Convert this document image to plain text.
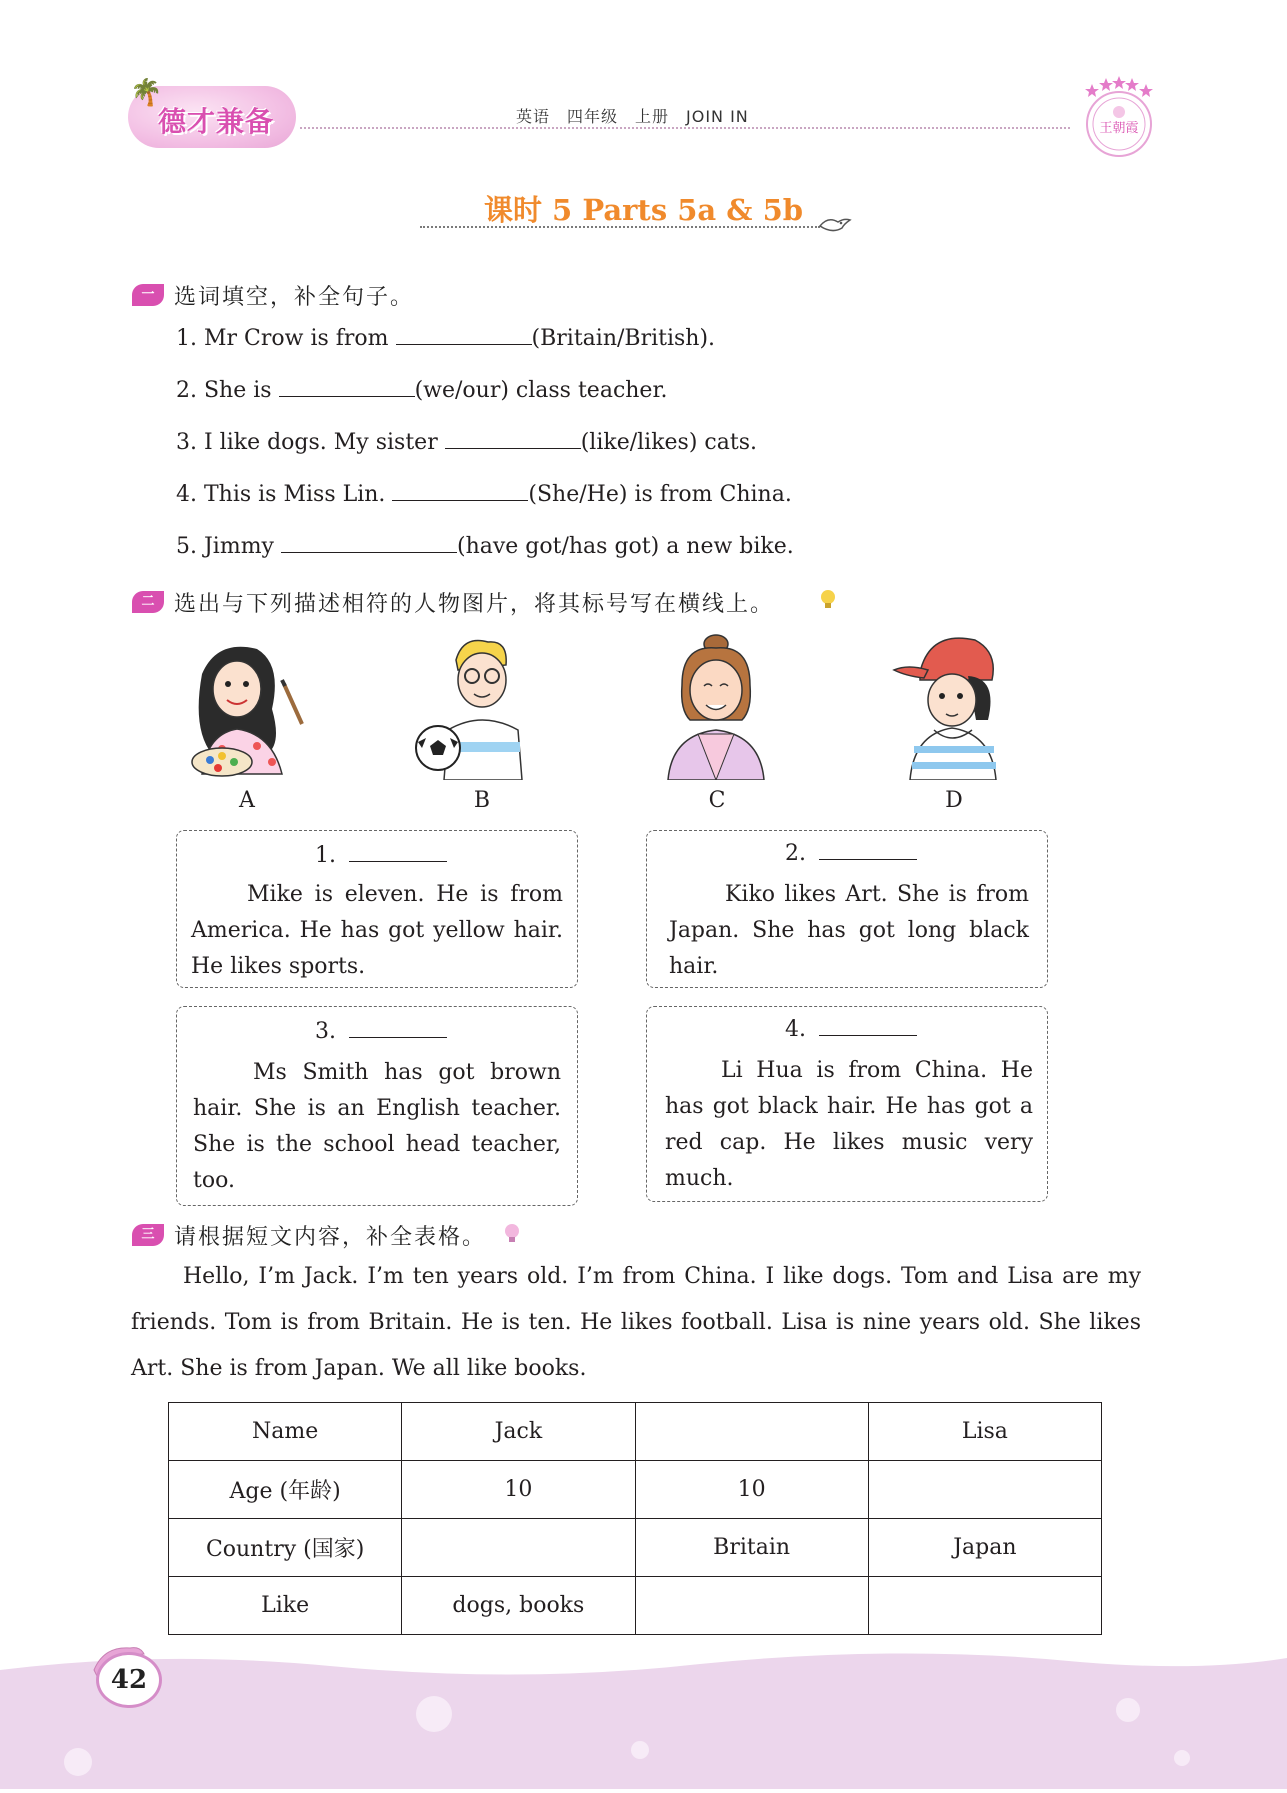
🌴
德才兼备	英语　四年级　上册　JOIN IN
王朝霞
课时 5 Parts 5a & 5b
一 选词填空，补全句子。
1. Mr Crow is from	(Britain/British).
2. She is	(we/our) class teacher.
3. I like dogs. My sister	(like/likes) cats.
4. This is Miss Lin.	(She/He) is from China.
5. Jimmy	(have got/has got) a new bike.
二 选出与下列描述相符的人物图片，将其标号写在横线上。
A	B	C	D
1.
Mike is eleven. He is from America. He has got yellow hair. He likes sports.
2.
Kiko likes Art. She is from Japan. She has got long black hair.
3.
Ms Smith has got brown hair. She is an English teacher. She is the school head teacher, too.
4.
Li Hua is from China. He has got black hair. He has got a red cap. He likes music very much.
三 请根据短文内容，补全表格。
Hello, I’m Jack. I’m ten years old. I’m from China. I like dogs. Tom and Lisa are my friends. Tom is from Britain. He is ten. He likes football. Lisa is nine years old. She likes Art. She is from Japan. We all like books.
Name	Jack		Lisa
Age (年龄)	10	10	
Country (国家)		Britain	Japan
Like	dogs, books		
42
